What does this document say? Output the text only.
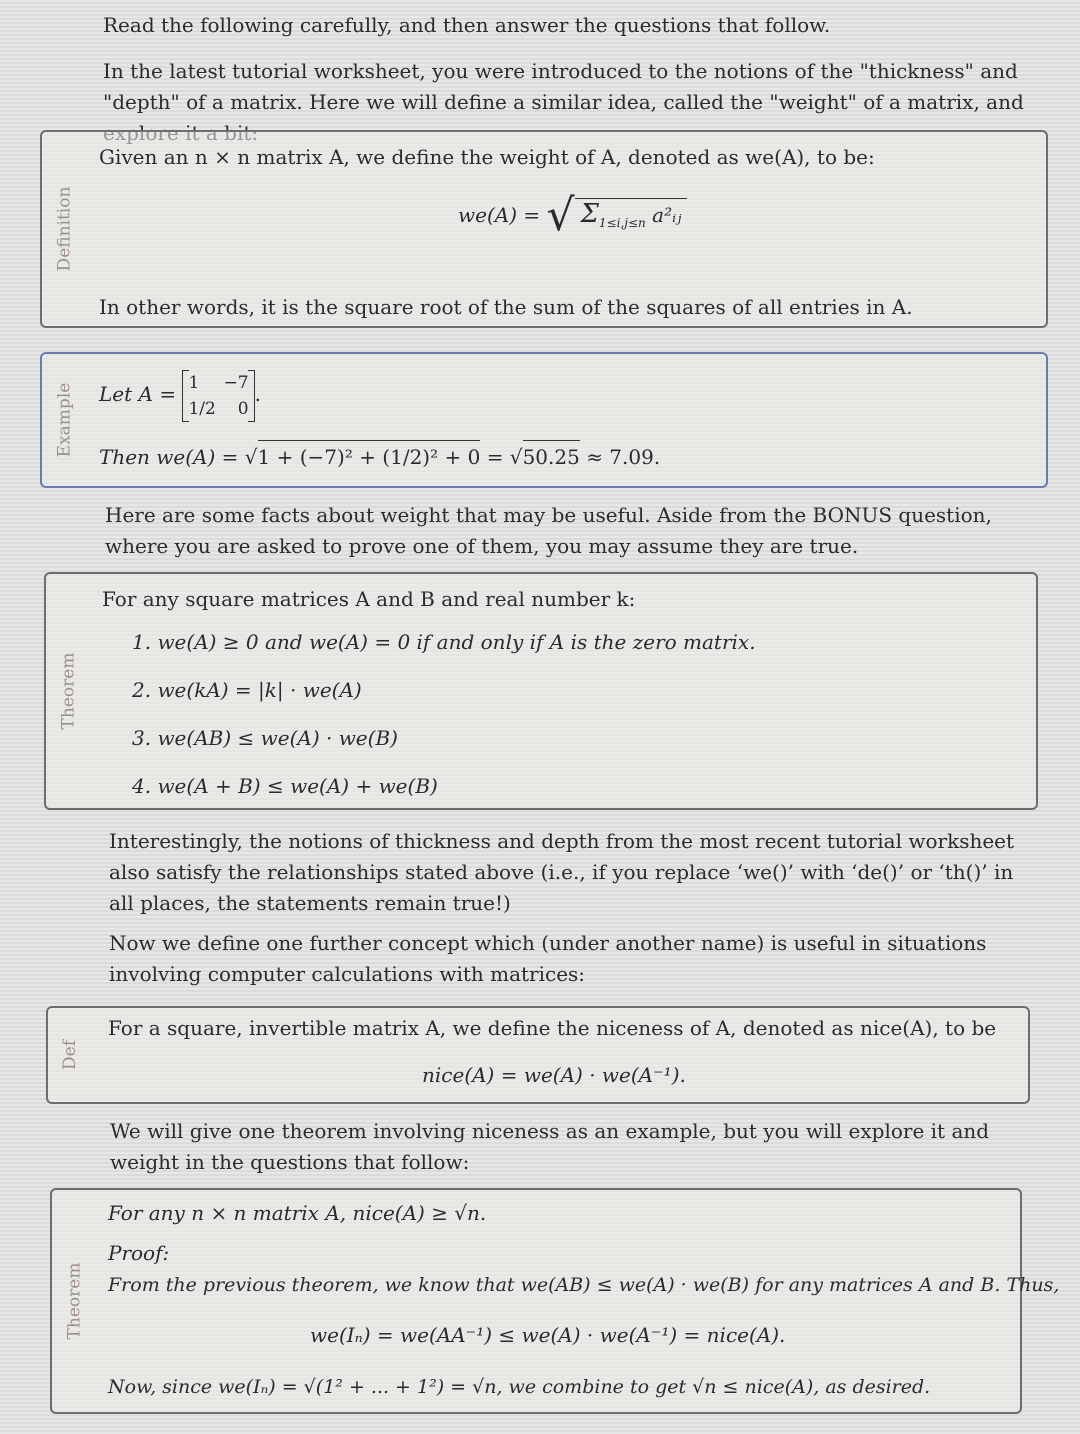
Read the following carefully, and then answer the questions that follow.

In the latest tutorial worksheet, you were introduced to the notions of the "thickness" and "depth" of a matrix. Here we will define a similar idea, called the "weight" of a matrix, and

Definition
Given an n × n matrix A, we define the weight of A, denoted as we(A), to be:
we(A) = √ $\Sigma_{1\le i,j\le n}$ a²ᵢⱼ
In other words, it is the square root of the sum of the squares of all entries in A.
Example Let A = 1 −7
1/2 0
.
Then we(A) = √1 + (−7)² + (1/2)² + 0 = √50.25 ≈ 7.09.

Here are some facts about weight that may be useful. Aside from the BONUS question, where you are asked to prove one of them, you may assume they are true.

Theorem
For any square matrices A and B and real number k:
1. we(A) ≥ 0 and we(A) = 0 if and only if A is the zero matrix.
2. we(kA) = |k| · we(A)
3. we(AB) ≤ we(A) · we(B)
4. we(A + B) ≤ we(A) + we(B)

Interestingly, the notions of thickness and depth from the most recent tutorial worksheet also satisfy the relationships stated above (i.e., if you replace ‘we()’ with ‘de()’ or ‘th()’ in all places, the statements remain true!)

Now we define one further concept which (under another name) is useful in situations involving computer calculations with matrices:

Def
For a square, invertible matrix A, we define the niceness of A, denoted as nice(A), to be
nice(A) = we(A) · we(A⁻¹).

We will give one theorem involving niceness as an example, but you will explore it and weight in the questions that follow:

Theorem
For any n × n matrix A, nice(A) ≥ √n.
Proof:
From the previous theorem, we know that we(AB) ≤ we(A) · we(B) for any matrices A and B. Thus,
we(Iₙ) = we(AA⁻¹) ≤ we(A) · we(A⁻¹) = nice(A).
Now, since we(Iₙ) = √(1² + ... + 1²) = √n, we combine to get √n ≤ nice(A), as desired.
